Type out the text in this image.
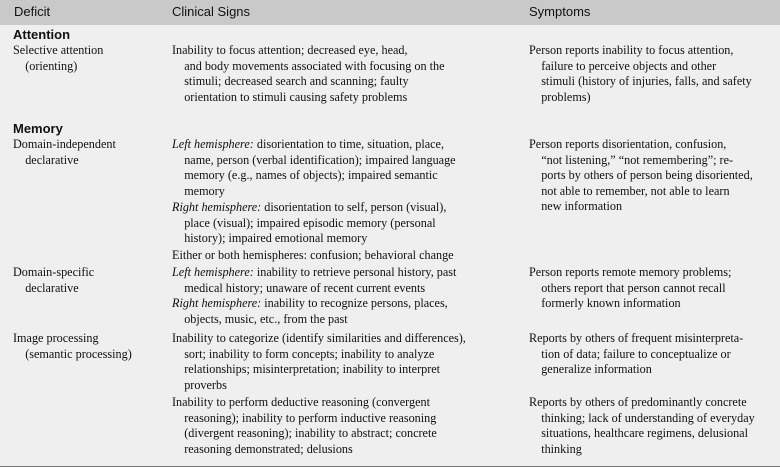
Deficit	Clinical Signs	Symptoms
Attention

Selective attention
(orienting)

Inability to focus attention; decreased eye, head,
and body movements associated with focusing on the
stimuli; decreased search and scanning; faulty
orientation to stimuli causing safety problems

Person reports inability to focus attention,
failure to perceive objects and other
stimuli (history of injuries, falls, and safety
problems)

Memory

Domain-independent
declarative

Left hemisphere: disorientation to time, situation, place,
name, person (verbal identification); impaired language
memory (e.g., names of objects); impaired semantic
memory

Right hemisphere: disorientation to self, person (visual),
place (visual); impaired episodic memory (personal
history); impaired emotional memory

Either or both hemispheres: confusion; behavioral change

Person reports disorientation, confusion,
“not listening,” “not remembering”; re-
ports by others of person being disoriented,
not able to remember, not able to learn
new information

Domain-specific
declarative

Left hemisphere: inability to retrieve personal history, past
medical history; unaware of recent current events

Right hemisphere: inability to recognize persons, places,
objects, music, etc., from the past

Person reports remote memory problems;
others report that person cannot recall
formerly known information

Image processing
(semantic processing)

Inability to categorize (identify similarities and differences),
sort; inability to form concepts; inability to analyze
relationships; misinterpretation; inability to interpret
proverbs

Reports by others of frequent misinterpreta-
tion of data; failure to conceptualize or
generalize information

Inability to perform deductive reasoning (convergent
reasoning); inability to perform inductive reasoning
(divergent reasoning); inability to abstract; concrete
reasoning demonstrated; delusions

Reports by others of predominantly concrete
thinking; lack of understanding of everyday
situations, healthcare regimens, delusional
thinking
